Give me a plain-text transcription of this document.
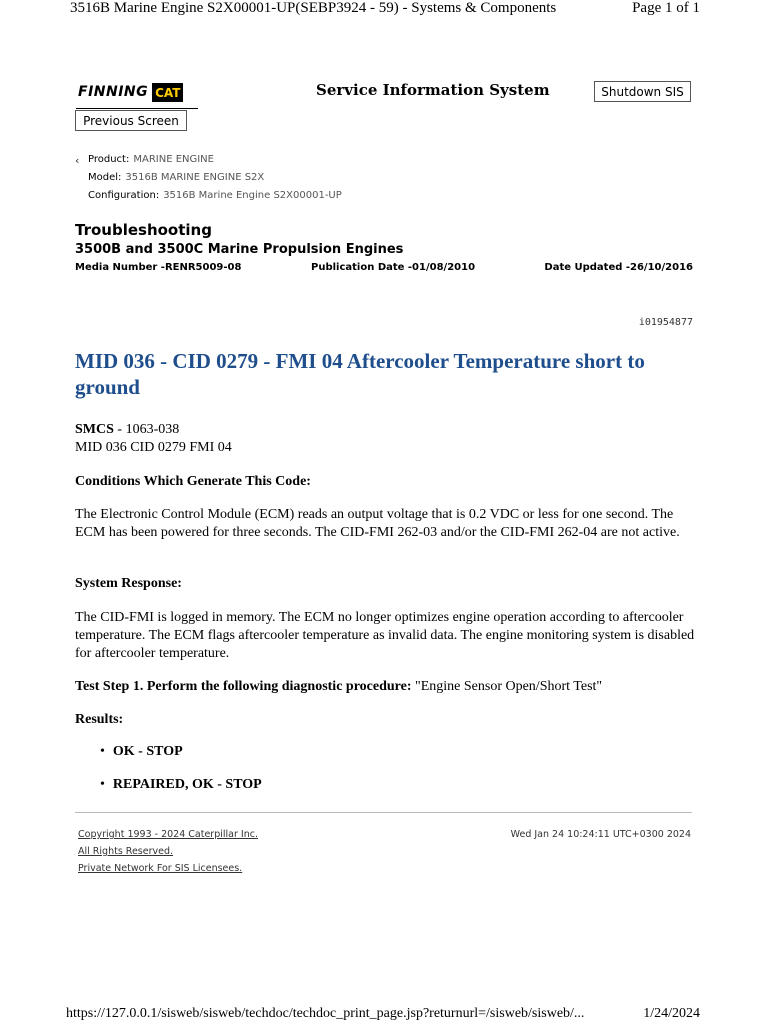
3516B Marine Engine S2X00001-UP(SEBP3924 - 59) - Systems & Components	Page 1 of 1
FINNING CAT	Service Information System	Shutdown SIS
Previous Screen
‹ Product: MARINE ENGINE
Model: 3516B MARINE ENGINE S2X
Configuration: 3516B Marine Engine S2X00001-UP
Troubleshooting
3500B and 3500C Marine Propulsion Engines
Media Number -RENR5009-08	Publication Date -01/08/2010	Date Updated -26/10/2016
i01954877
MID 036 - CID 0279 - FMI 04 Aftercooler Temperature short to ground
SMCS - 1063-038
MID 036 CID 0279 FMI 04
Conditions Which Generate This Code:
The Electronic Control Module (ECM) reads an output voltage that is 0.2 VDC or less for one second. The ECM has been powered for three seconds. The CID-FMI 262-03 and/or the CID-FMI 262-04 are not active.
System Response:
The CID-FMI is logged in memory. The ECM no longer optimizes engine operation according to aftercooler temperature. The ECM flags aftercooler temperature as invalid data. The engine monitoring system is disabled for aftercooler temperature.
Test Step 1. Perform the following diagnostic procedure: "Engine Sensor Open/Short Test"
Results:
• OK - STOP
• REPAIRED, OK - STOP
Copyright 1993 - 2024 Caterpillar Inc.
All Rights Reserved.
Private Network For SIS Licensees.
Wed Jan 24 10:24:11 UTC+0300 2024
https://127.0.0.1/sisweb/sisweb/techdoc/techdoc_print_page.jsp?returnurl=/sisweb/sisweb/...	1/24/2024
